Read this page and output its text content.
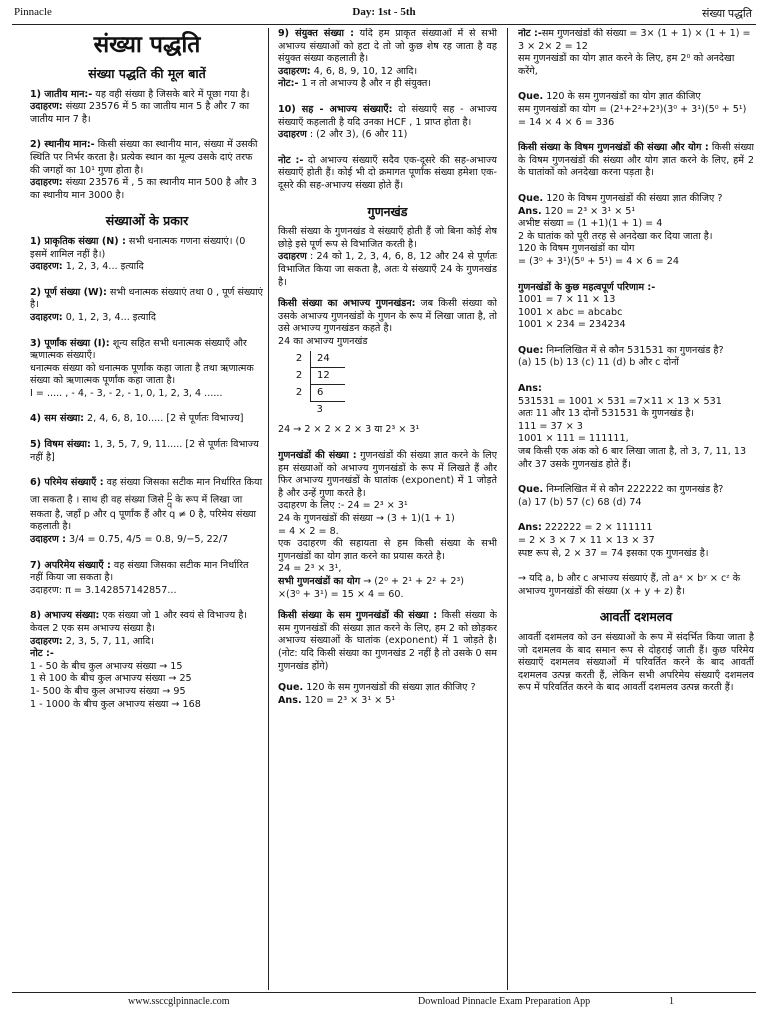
Pinnacle	Day: 1st - 5th	संख्या पद्धति
संख्या पद्धति
संख्या पद्धति की मूल बातें

1) जातीय मान:- यह वही संख्या है जिसके बारे में पूछा गया है।
उदाहरण: संख्या 23576 में 5 का जातीय मान 5 है और 7 का जातीय मान 7 है।

2) स्थानीय मान:- किसी संख्या का स्थानीय मान, संख्या में उसकी स्थिति पर निर्भर करता है। प्रत्येक स्थान का मूल्य उसके दाएं तरफ की जगहों का 10¹ गुणा होता है।
उदाहरण: संख्या 23576 में , 5 का स्थानीय मान 500 है और 3 का स्थानीय मान 3000 है।

संख्याओं के प्रकार

1) प्राकृतिक संख्या (N) : सभी धनात्मक गणना संख्याएं। (0 इसमें शामिल नहीं है।)
उदाहरण: 1, 2, 3, 4... इत्यादि

2) पूर्ण संख्या (W): सभी धनात्मक संख्याएं तथा 0 , पूर्ण संख्याएं है।
उदाहरण: 0, 1, 2, 3, 4... इत्यादि

3) पूर्णांक संख्या (I): शून्य सहित सभी धनात्मक संख्याएँ और ऋणात्मक संख्याएँ।
धनात्मक संख्या को धनात्मक पूर्णांक कहा जाता है तथा ऋणात्मक संख्या को ऋणात्मक पूर्णांक कहा जाता है।
I = ..... , - 4, - 3, - 2, - 1, 0, 1, 2, 3, 4 ......

4) सम संख्या: 2, 4, 6, 8, 10..... [2 से पूर्णतः विभाज्य]

5) विषम संख्या: 1, 3, 5, 7, 9, 11..... [2 से पूर्णतः विभाज्य नहीं है]

6) परिमेय संख्याएँ : वह संख्या जिसका सटीक मान निर्धारित किया जा सकता है । साथ ही वह संख्या जिसे $\frac{p}{q}$ के रूप में लिखा जा सकता है, जहाँ p और q पूर्णांक हैं और q ≠ 0 है, परिमेय संख्या कहलाती है।
उदाहरण : 3/4 = 0.75, 4/5 = 0.8, 9/−5, 22/7

7) अपरिमेय संख्याएँ : वह संख्या जिसका सटीक मान निर्धारित नहीं किया जा सकता है।
उदाहरण: π = 3.142857142857...

8) अभाज्य संख्या: एक संख्या जो 1 और स्वयं से विभाज्य है। केवल 2 एक सम अभाज्य संख्या है।
उदाहरण: 2, 3, 5, 7, 11, आदि।
नोट :-

1 - 50 के बीच कुल अभाज्य संख्या → 15
1 से 100 के बीच कुल अभाज्य संख्या → 25
1- 500 के बीच कुल अभाज्य संख्या → 95
1 - 1000 के बीच कुल अभाज्य संख्या → 168

9) संयुक्त संख्या : यदि हम प्राकृत संख्याओं में से सभी अभाज्य संख्याओं को हटा दे तो जो कुछ शेष रह जाता है वह संयुक्त संख्या कहलाती है।
उदाहरण: 4, 6, 8, 9, 10, 12 आदि।
नोट:- 1 न तो अभाज्य है और न ही संयुक्त।

10) सह - अभाज्य संख्याएँ: दो संख्याएँ सह - अभाज्य संख्याएँ कहलाती है यदि उनका HCF , 1 प्राप्त होता है।
उदाहरण : (2 और 3), (6 और 11)

नोट :- दो अभाज्य संख्याएँ सदैव एक-दूसरे की सह-अभाज्य संख्याएँ होती हैं। कोई भी दो क्रमागत पूर्णांक संख्या हमेशा एक-दूसरे की सह-अभाज्य संख्या होते हैं।

गुणनखंड

किसी संख्या के गुणनखंड वे संख्याएँ होती हैं जो बिना कोई शेष छोड़े इसे पूर्ण रूप से विभाजित करती है।
उदाहरण : 24 को 1, 2, 3, 4, 6, 8, 12 और 24 से पूर्णतः विभाजित किया जा सकता है, अतः ये संख्याएँ 24 के गुणनखंड है।

किसी संख्या का अभाज्य गुणनखंडन: जब किसी संख्या को उसके अभाज्य गुणनखंडों के गुणन के रूप में लिखा जाता है, तो उसे अभाज्य गुणनखंडन कहते है।
24 का अभाज्य गुणनखंड

2	24
2	12
2	6
	3

24 → 2 × 2 × 2 × 3 या 2³ × 3¹

गुणनखंडों की संख्या : गुणनखंडों की संख्या ज्ञात करने के लिए हम संख्याओं को अभाज्य गुणनखंडों के रूप में लिखते हैं और फिर अभाज्य गुणनखंडों के घातांक (exponent) में 1 जोड़ते है और उन्हें गुणा करते है।

उदाहरण के लिए :- 24 = 2³ × 3¹
24 के गुणनखंडों की संख्या → (3 + 1)(1 + 1)
= 4 × 2 = 8.
एक उदाहरण की सहायता से हम किसी संख्या के सभी गुणनखंडों का योग ज्ञात करने का प्रयास करते है।
24 = 2³ × 3¹,
सभी गुणनखंडों का योग → (2⁰ + 2¹ + 2² + 2³)
×(3⁰ + 3¹) = 15 × 4 = 60.

किसी संख्या के सम गुणनखंडों की संख्या : किसी संख्या के सम गुणनखंडों की संख्या ज्ञात करने के लिए, हम 2 को छोड़कर अभाज्य संख्याओं के घातांक (exponent) में 1 जोड़ते है। (नोट: यदि किसी संख्या का गुणनखंड 2 नहीं है तो उसके 0 सम गुणनखंड होंगे)

Que. 120 के सम गुणनखंडों की संख्या ज्ञात कीजिए ?
Ans. 120 = 2³ × 3¹ × 5¹

नोट :-सम गुणनखंडों की संख्या = 3× (1 + 1) × (1 + 1) = 3 × 2× 2 = 12
सम गुणनखंडों का योग ज्ञात करने के लिए, हम 2⁰ को अनदेखा करेंगे,

Que. 120 के सम गुणनखंडों का योग ज्ञात कीजिए
सम गुणनखंडों का योग = (2¹+2²+2³)(3⁰ + 3¹)(5⁰ + 5¹) = 14 × 4 × 6 = 336

किसी संख्या के विषम गुणनखंडों की संख्या और योग : किसी संख्या के विषम गुणनखंडों की संख्या और योग ज्ञात करने के लिए, हमें 2 के घातांकों को अनदेखा करना पड़ता है।

Que. 120 के विषम गुणनखंडों की संख्या ज्ञात कीजिए ?
Ans. 120 = 2³ × 3¹ × 5¹
अभीष्ट संख्या = (1 +1)(1 + 1) = 4
2 के घातांक को पूरी तरह से अनदेखा कर दिया जाता है।
120 के विषम गुणनखंडों का योग
= (3⁰ + 3¹)(5⁰ + 5¹) = 4 × 6 = 24

गुणनखंडों के कुछ महत्वपूर्ण परिणाम :-
1001 = 7 × 11 × 13
1001 × abc = abcabc
1001 × 234 = 234234

Que: निम्नलिखित में से कौन 531531 का गुणनखंड है?

(a) 15 (b) 13 (c) 11 (d) b और c दोनों

Ans:
531531 = 1001 × 531 =7×11 × 13 × 531
अतः 11 और 13 दोनों 531531 के गुणनखंड है।
111 = 37 × 3
1001 × 111 = 111111,
जब किसी एक अंक को 6 बार लिखा जाता है, तो 3, 7, 11, 13 और 37 उसके गुणनखंड होते हैं।

Que. निम्नलिखित में से कौन 222222 का गुणनखंड है?

(a) 17 (b) 57 (c) 68 (d) 74

Ans: 222222 = 2 × 111111
= 2 × 3 × 7 × 11 × 13 × 37
स्पष्ट रूप से, 2 × 37 = 74 इसका एक गुणनखंड है।

→ यदि a, b और c अभाज्य संख्याएं हैं, तो aˣ × bʸ × cᶻ के अभाज्य गुणनखंडों की संख्या (x + y + z) है।

आवर्ती दशमलव

आवर्ती दशमलव को उन संख्याओं के रूप में संदर्भित किया जाता है जो दशमलव के बाद समान रूप से दोहराई जाती हैं। कुछ परिमेय संख्याएँ दशमलव संख्याओं में परिवर्तित करने के बाद आवर्ती दशमलव उत्पन्न करती हैं, लेकिन सभी अपरिमेय संख्याएँ दशमलव रूप में परिवर्तित करने के बाद आवर्ती दशमलव उत्पन्न करती हैं।

www.ssccglpinnacle.com	Download Pinnacle Exam Preparation App	1
